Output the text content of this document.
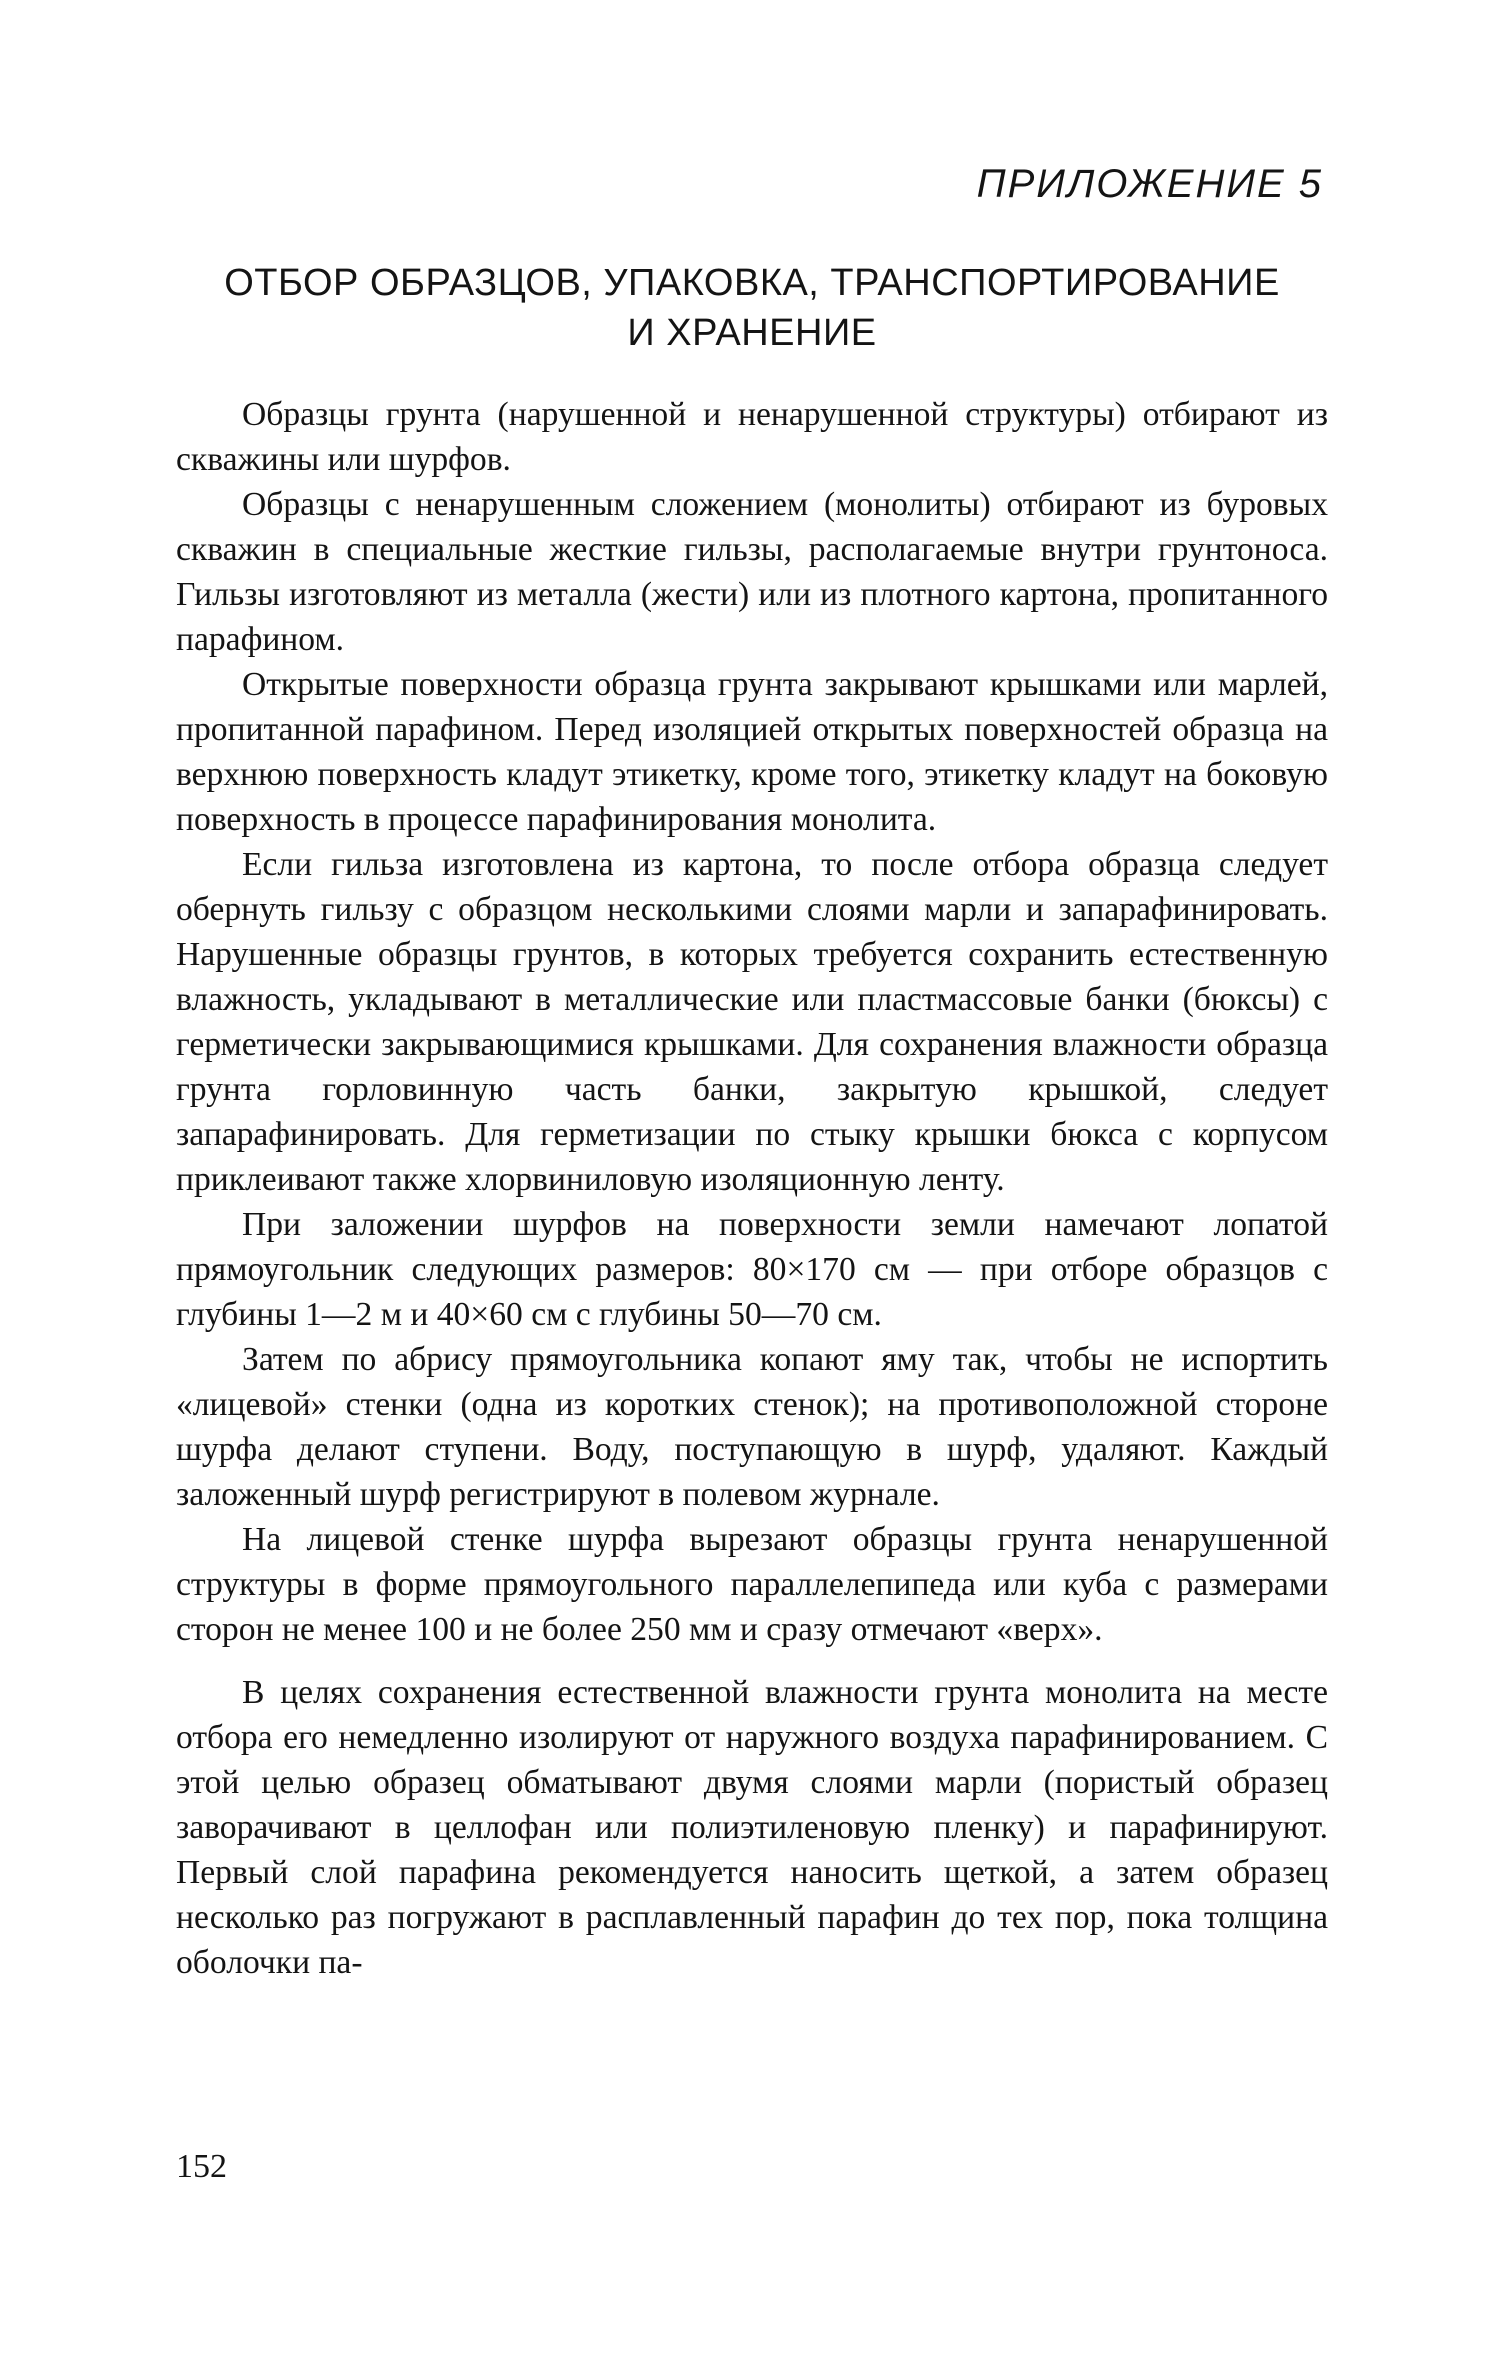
ПРИЛОЖЕНИЕ 5

ОТБОР ОБРАЗЦОВ, УПАКОВКА, ТРАНСПОРТИРОВАНИЕ
И ХРАНЕНИЕ

Образцы грунта (нарушенной и ненарушенной структуры) отбирают из скважины или шурфов.

Образцы с ненарушенным сложением (монолиты) отбирают из буровых скважин в специальные жесткие гильзы, располагаемые внутри грунтоноса. Гильзы изготовляют из металла (жести) или из плотного картона, пропитанного парафином.

Открытые поверхности образца грунта закрывают крышками или марлей, пропитанной парафином. Перед изоляцией открытых поверхностей образца на верхнюю поверхность кладут этикетку, кроме того, этикетку кладут на боковую поверхность в процессе парафинирования монолита.

Если гильза изготовлена из картона, то после отбора образца следует обернуть гильзу с образцом несколькими слоями марли и запарафинировать. Нарушенные образцы грунтов, в которых требуется сохранить естественную влажность, укладывают в металлические или пластмассовые банки (бюксы) с герметически закрывающимися крышками. Для сохранения влажности образца грунта горловинную часть банки, закрытую крышкой, следует запарафинировать. Для герметизации по стыку крышки бюкса с корпусом приклеивают также хлорвиниловую изоляционную ленту.

При заложении шурфов на поверхности земли намечают лопатой прямоугольник следующих размеров: 80×170 см — при отборе образцов с глубины 1—2 м и 40×60 см с глубины 50—70 см.

Затем по абрису прямоугольника копают яму так, чтобы не испортить «лицевой» стенки (одна из коротких стенок); на противоположной стороне шурфа делают ступени. Воду, поступающую в шурф, удаляют. Каждый заложенный шурф регистрируют в полевом журнале.

На лицевой стенке шурфа вырезают образцы грунта ненарушенной структуры в форме прямоугольного параллелепипеда или куба с размерами сторон не менее 100 и не более 250 мм и сразу отмечают «верх».

В целях сохранения естественной влажности грунта монолита на месте отбора его немедленно изолируют от наружного воздуха парафинированием. С этой целью образец обматывают двумя слоями марли (пористый образец заворачивают в целлофан или полиэтиленовую пленку) и парафинируют. Первый слой парафина рекомендуется наносить щеткой, а затем образец несколько раз погружают в расплавленный парафин до тех пор, пока толщина оболочки па-

152
